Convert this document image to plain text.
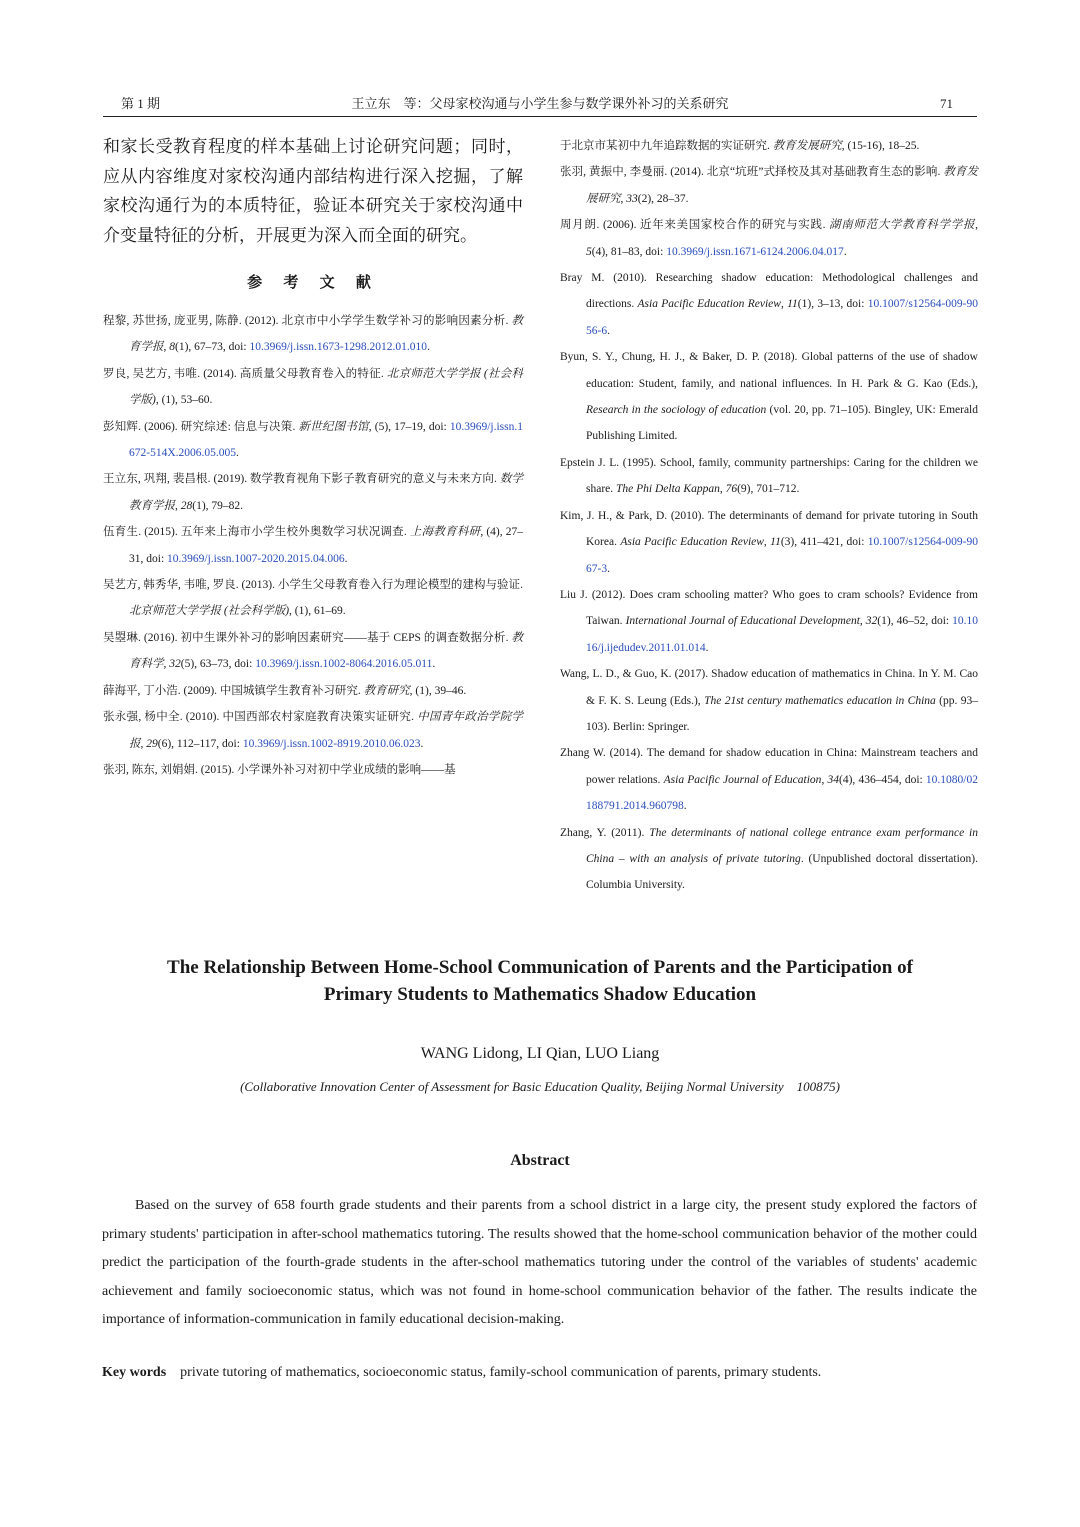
第 1 期	王立东　等：父母家校沟通与小学生参与数学课外补习的关系研究	71

和家长受教育程度的样本基础上讨论研究问题；同时，应从内容维度对家校沟通内部结构进行深入挖掘，了解家校沟通行为的本质特征，验证本研究关于家校沟通中介变量特征的分析，开展更为深入而全面的研究。

参 考 文 献

程黎, 苏世扬, 庞亚男, 陈静. (2012). 北京市中小学学生数学补习的影响因素分析. 教育学报, 8(1), 67–73, doi: 10.3969/j.issn.1673-1298.2012.01.010.

罗良, 吴艺方, 韦唯. (2014). 高质量父母教育卷入的特征. 北京师范大学学报 (社会科学版), (1), 53–60.

彭知辉. (2006). 研究综述: 信息与决策. 新世纪图书馆, (5), 17–19, doi: 10.3969/j.issn.1672-514X.2006.05.005.

王立东, 巩翔, 裴昌根. (2019). 数学教育视角下影子教育研究的意义与未来方向. 数学教育学报, 28(1), 79–82.

伍育生. (2015). 五年来上海市小学生校外奥数学习状况调查. 上海教育科研, (4), 27–31, doi: 10.3969/j.issn.1007-2020.2015.04.006.

吴艺方, 韩秀华, 韦唯, 罗良. (2013). 小学生父母教育卷入行为理论模型的建构与验证. 北京师范大学学报 (社会科学版), (1), 61–69.

吴曌琳. (2016). 初中生课外补习的影响因素研究——基于 CEPS 的调查数据分析. 教育科学, 32(5), 63–73, doi: 10.3969/j.issn.1002-8064.2016.05.011.

薛海平, 丁小浩. (2009). 中国城镇学生教育补习研究. 教育研究, (1), 39–46.

张永强, 杨中全. (2010). 中国西部农村家庭教育决策实证研究. 中国青年政治学院学报, 29(6), 112–117, doi: 10.3969/j.issn.1002-8919.2010.06.023.

张羽, 陈东, 刘娟娟. (2015). 小学课外补习对初中学业成绩的影响——基

于北京市某初中九年追踪数据的实证研究. 教育发展研究, (15-16), 18–25.

张羽, 黄振中, 李曼丽. (2014). 北京“坑班”式择校及其对基础教育生态的影响. 教育发展研究, 33(2), 28–37.

周月朗. (2006). 近年来美国家校合作的研究与实践. 湖南师范大学教育科学学报, 5(4), 81–83, doi: 10.3969/j.issn.1671-6124.2006.04.017.

Bray M. (2010). Researching shadow education: Methodological challenges and directions. Asia Pacific Education Review, 11(1), 3–13, doi: 10.1007/s12564-009-9056-6.

Byun, S. Y., Chung, H. J., & Baker, D. P. (2018). Global patterns of the use of shadow education: Student, family, and national influences. In H. Park & G. Kao (Eds.), Research in the sociology of education (vol. 20, pp. 71–105). Bingley, UK: Emerald Publishing Limited.

Epstein J. L. (1995). School, family, community partnerships: Caring for the children we share. The Phi Delta Kappan, 76(9), 701–712.

Kim, J. H., & Park, D. (2010). The determinants of demand for private tutoring in South Korea. Asia Pacific Education Review, 11(3), 411–421, doi: 10.1007/s12564-009-9067-3.

Liu J. (2012). Does cram schooling matter? Who goes to cram schools? Evidence from Taiwan. International Journal of Educational Development, 32(1), 46–52, doi: 10.1016/j.ijedudev.2011.01.014.

Wang, L. D., & Guo, K. (2017). Shadow education of mathematics in China. In Y. M. Cao & F. K. S. Leung (Eds.), The 21st century mathematics education in China (pp. 93–103). Berlin: Springer.

Zhang W. (2014). The demand for shadow education in China: Mainstream teachers and power relations. Asia Pacific Journal of Education, 34(4), 436–454, doi: 10.1080/02188791.2014.960798.

Zhang, Y. (2011). The determinants of national college entrance exam performance in China – with an analysis of private tutoring. (Unpublished doctoral dissertation). Columbia University.

The Relationship Between Home-School Communication of Parents and the Participation of
Primary Students to Mathematics Shadow Education

WANG Lidong, LI Qian, LUO Liang

(Collaborative Innovation Center of Assessment for Basic Education Quality, Beijing Normal University　100875)

Abstract

Based on the survey of 658 fourth grade students and their parents from a school district in a large city, the present study explored the factors of primary students' participation in after-school mathematics tutoring. The results showed that the home-school communication behavior of the mother could predict the participation of the fourth-grade students in the after-school mathematics tutoring under the control of the variables of students' academic achievement and family socioeconomic status, which was not found in home-school communication behavior of the father. The results indicate the importance of information-communication in family educational decision-making.

Key words private tutoring of mathematics, socioeconomic status, family-school communication of parents, primary students.
